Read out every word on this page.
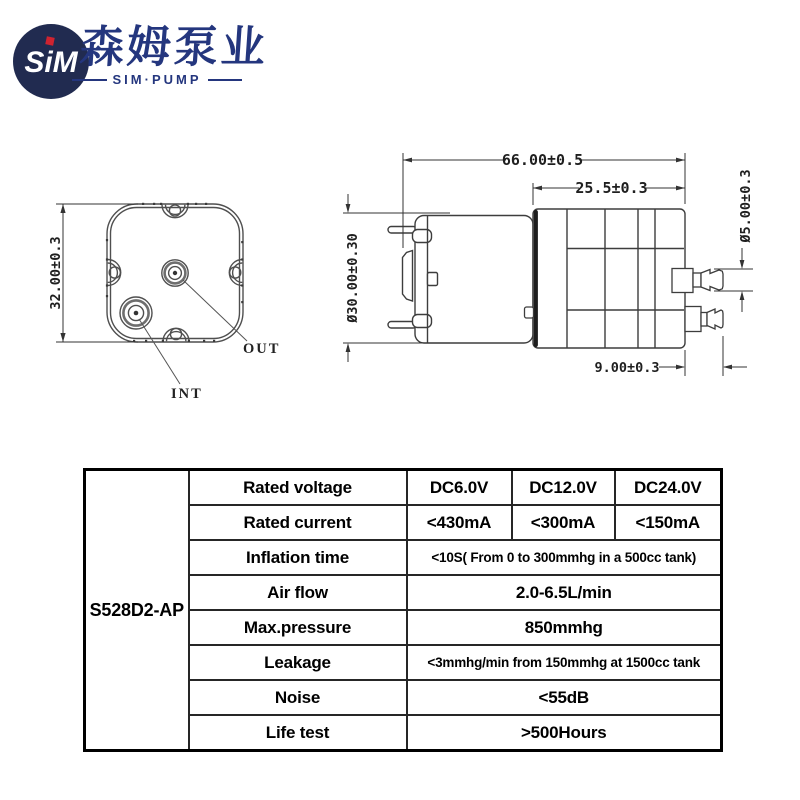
SiM 森姆泵业
SIM·PUMP
32.00±0.3
OUT
INT
66.00±0.5
25.5±0.3
Ø30.00±0.30
Ø5.00±0.3
9.00±0.3
S528D2-AP	Rated voltage	DC6.0V	DC12.0V	DC24.0V
	Rated current	<430mA	<300mA	<150mA
	Inflation time	<10S( From 0 to 300mmhg in a 500cc tank)		
	Air flow	2.0-6.5L/min		
	Max.pressure	850mmhg		
	Leakage	<3mmhg/min from 150mmhg at 1500cc tank		
	Noise	<55dB		
	Life test	>500Hours		
